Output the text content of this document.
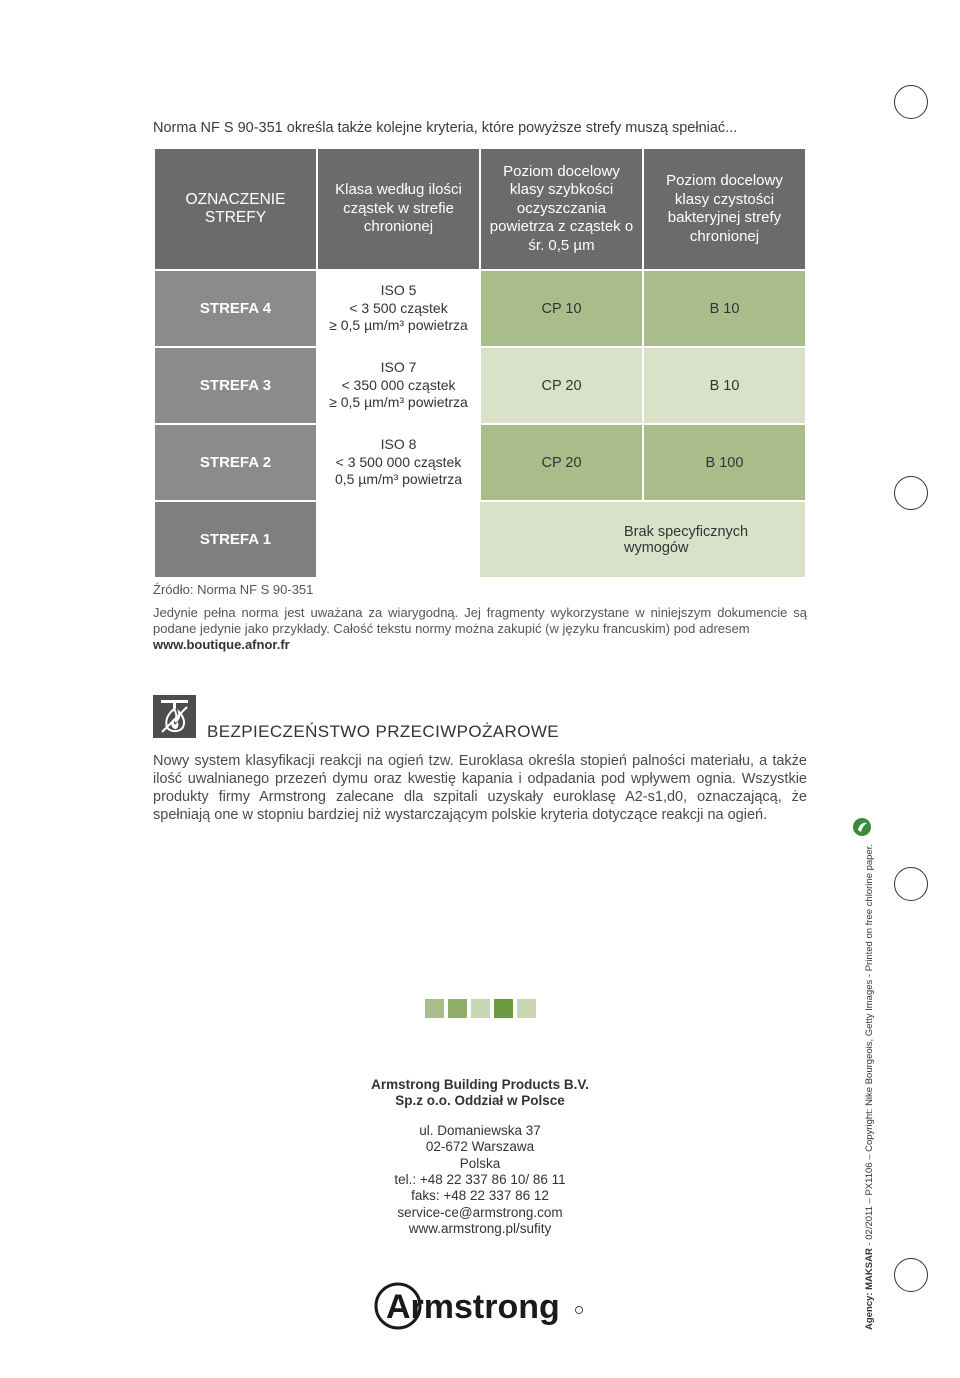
Norma NF S 90-351 określa także kolejne kryteria, które powyższe strefy muszą spełniać...
OZNACZENIE STREFY	Klasa według ilości cząstek w strefie chronionej	Poziom docelowy klasy szybkości oczyszczania powietrza z cząstek o śr. 0,5 µm	Poziom docelowy klasy czystości bakteryjnej strefy chronionej
STREFA 4	ISO 5
< 3 500 cząstek
≥ 0,5 µm/m³ powietrza	CP 10	B 10
STREFA 3	ISO 7
< 350 000 cząstek
≥ 0,5 µm/m³ powietrza	CP 20	B 10
STREFA 2	ISO 8
< 3 500 000 cząstek
0,5 µm/m³ powietrza	CP 20	B 100
STREFA 1		Brak specyficznych wymogów	
Źródło: Norma NF S 90-351
Jedynie pełna norma jest uważana za wiarygodną. Jej fragmenty wykorzystane w niniejszym dokumencie są podane jedynie jako przykłady. Całość tekstu normy można zakupić (w języku francuskim) pod adresem
www.boutique.afnor.fr
BEZPIECZEŃSTWO PRZECIWPOŻAROWE
Nowy system klasyfikacji reakcji na ogień tzw. Euroklasa określa stopień palności materiału, a także ilość uwalnianego przezeń dymu oraz kwestię kapania i odpadania pod wpływem ognia. Wszystkie produkty firmy Armstrong zalecane dla szpitali uzyskały euroklasę A2-s1,d0, oznaczającą, że spełniają one w stopniu bardziej niż wystarczającym polskie kryteria dotyczące reakcji na ogień.
Armstrong Building Products B.V.
Sp.z o.o. Oddział w Polsce
ul. Domaniewska 37
02-672 Warszawa
Polska
tel.: +48 22 337 86 10/ 86 11
faks: +48 22 337 86 12
service-ce@armstrong.com
www.armstrong.pl/sufity
Armstrong	Agency: MAKSAR - 02/2011 – PX1106 – Copyright: Nike Bourgeois, Getty Images - Printed on free chlorine paper.
